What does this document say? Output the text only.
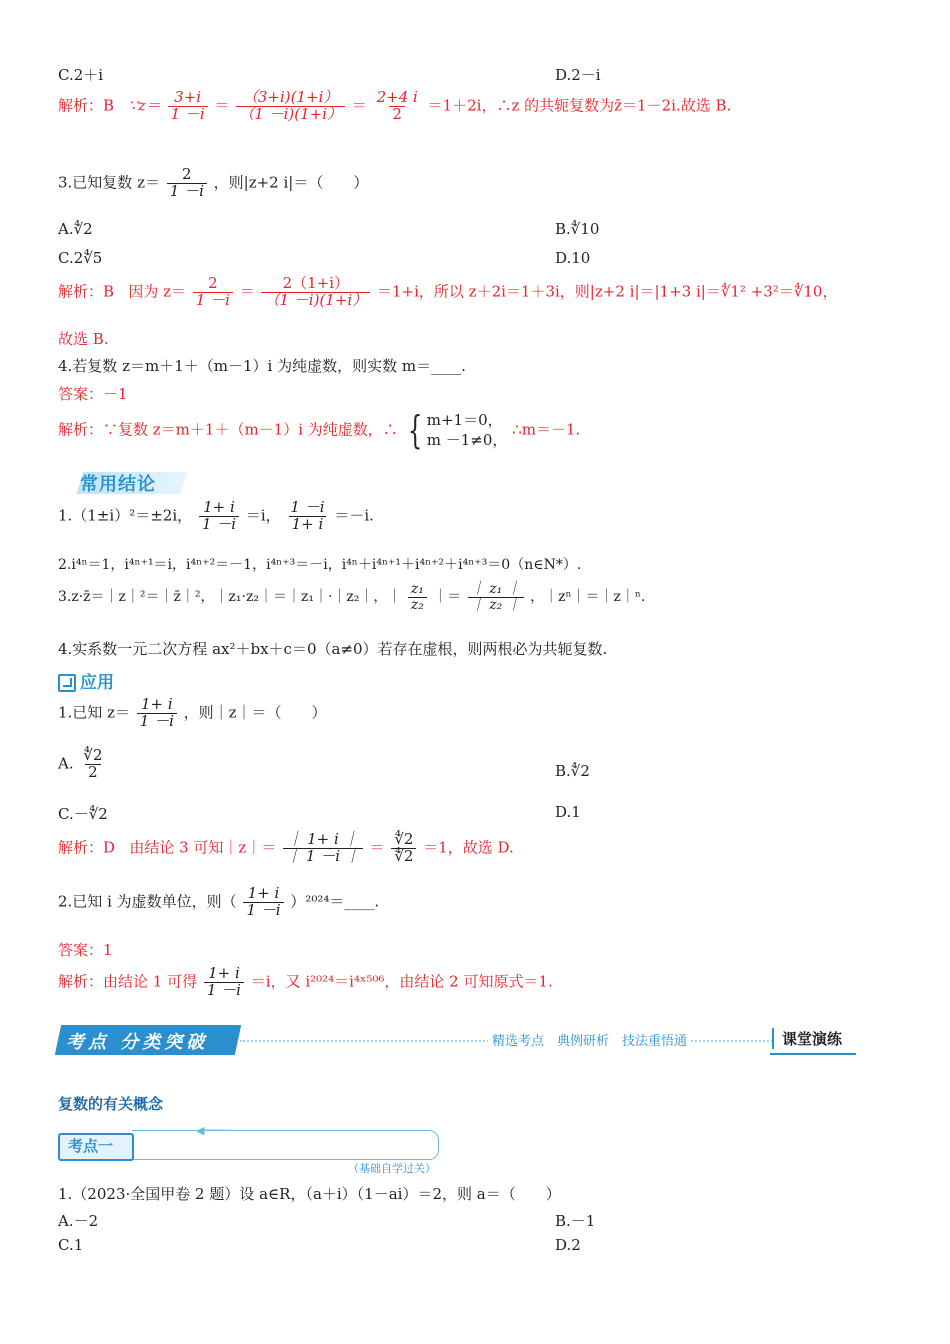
C.2＋i	D.2－i
解析：B ∵z＝ $\frac{3+i}{1 -i} = \frac{(3+i)(1+i)}{(1 -i)(1+i)} = \frac{2+4 i}{2} =1+2i$，∴z 的共轭复数为z̄＝1－2i.故选 B.
3.已知复数 $z= \frac{2}{1 -i}$ ，则|z+2 i|＝（　　）
A.∜2	B.∜10
C.2∜5	D.10
解析：B 因为 $z= \frac{2}{1 -i} = \frac{2(1+i)}{(1 -i)(1+i)} =1+i$，所以 z＋2i＝1＋3i，则|z+2 i|＝|1+3 i|＝∜1² +3²＝∜10，
故选 B.
4.若复数 z＝m＋1＋（m－1）i 为纯虚数，则实数 m＝____.
答案：－1
解析：∵复数 z＝m＋1＋（m－1）i 为纯虚数，∴ { m+1＝0，
m －1≠0，
∴m＝－1.
常用结论
1.（1±i）²＝±2i， $\frac{1+ i}{1 -i} =i$， $\frac{1 -i}{1+ i} =-i$.
2.i⁴ⁿ＝1，i⁴ⁿ⁺¹＝i，i⁴ⁿ⁺²＝－1，i⁴ⁿ⁺³＝－i，i⁴ⁿ＋i⁴ⁿ⁺¹＋i⁴ⁿ⁺²＋i⁴ⁿ⁺³＝0（n∈N*）.
3.z·z̄＝｜z｜²＝｜z̄｜²，｜z₁·z₂｜＝｜z₁｜·｜z₂｜，｜ $\frac{\text{z₁}}{\text{z₂}}$ ｜＝ $\frac{\text{｜ z₁ ｜}}{\text{｜ z₂ ｜}}$ ，｜zⁿ｜＝｜z｜ⁿ.
4.实系数一元二次方程 ax²＋bx＋c＝0（a≠0）若存在虚根，则两根必为共轭复数.
应用
1.已知 $z= \frac{1+ i}{1 -i}$ ，则｜z｜＝（　　）
A. $\frac{∜2}{2}$	B.∜2
C.－∜2	D.1
解析：D 由结论 3 可知｜z｜＝ $\frac{| 1+ i |}{| 1 -i |} = \frac{∜2}{∜2} =1$，故选 D.
2.已知 i 为虚数单位，则（ $\frac{1+ i}{1 -i}$ ）²⁰²⁴＝____.
答案：1
解析：由结论 1 可得 $\frac{1+ i}{1 -i} =i$，又 i²⁰²⁴＝i⁴ˣ⁵⁰⁶，由结论 2 可知原式＝1.
考点 分类突破	精选考点　典例研析　技法重悟通	课堂演练
复数的有关概念
◀────
考点一
（基础自学过关）
1.（2023·全国甲卷 2 题）设 a∈R，（a＋i）（1－ai）＝2，则 a＝（　　）
A.－2	B.－1
C.1	D.2
